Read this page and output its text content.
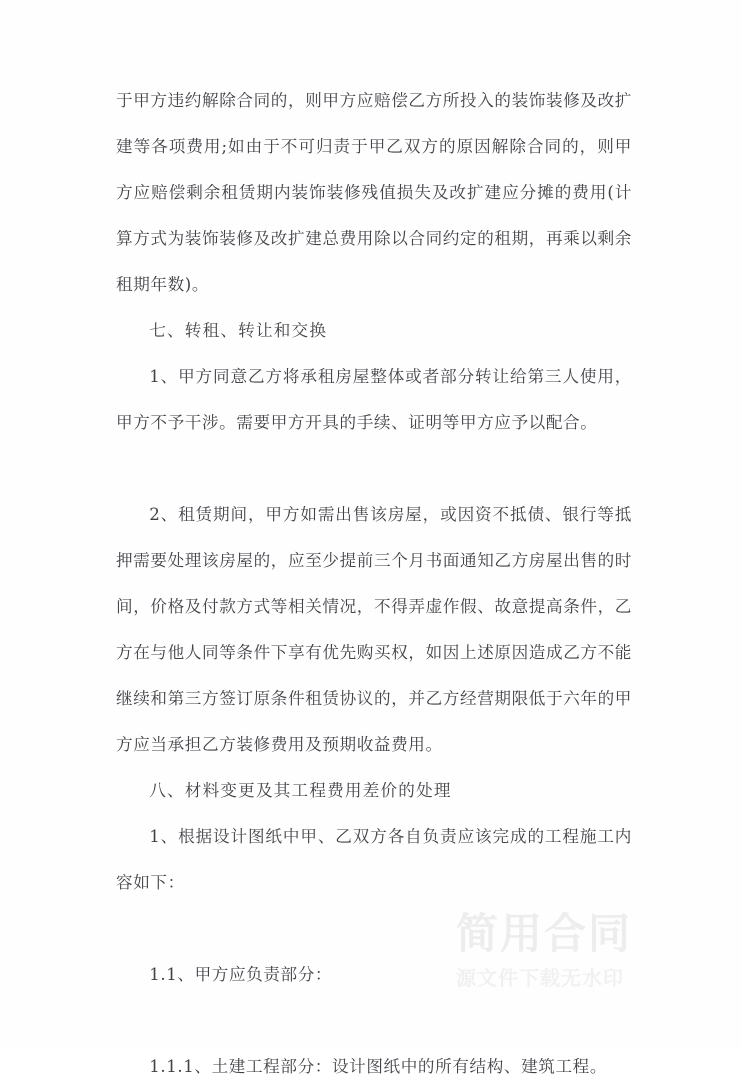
简用合同
源文件下载无水印

于甲方违约解除合同的，则甲方应赔偿乙方所投入的装饰装修及改扩建等各项费用;如由于不可归责于甲乙双方的原因解除合同的，则甲方应赔偿剩余租赁期内装饰装修残值损失及改扩建应分摊的费用(计算方式为装饰装修及改扩建总费用除以合同约定的租期，再乘以剩余租期年数)。

七、转租、转让和交换

1、甲方同意乙方将承租房屋整体或者部分转让给第三人使用，甲方不予干涉。需要甲方开具的手续、证明等甲方应予以配合。

2、租赁期间，甲方如需出售该房屋，或因资不抵债、银行等抵押需要处理该房屋的，应至少提前三个月书面通知乙方房屋出售的时间，价格及付款方式等相关情况，不得弄虚作假、故意提高条件，乙方在与他人同等条件下享有优先购买权，如因上述原因造成乙方不能继续和第三方签订原条件租赁协议的，并乙方经营期限低于六年的甲方应当承担乙方装修费用及预期收益费用。

八、材料变更及其工程费用差价的处理

1、根据设计图纸中甲、乙双方各自负责应该完成的工程施工内容如下：

1.1、甲方应负责部分：

1.1.1、土建工程部分：设计图纸中的所有结构、建筑工程。
